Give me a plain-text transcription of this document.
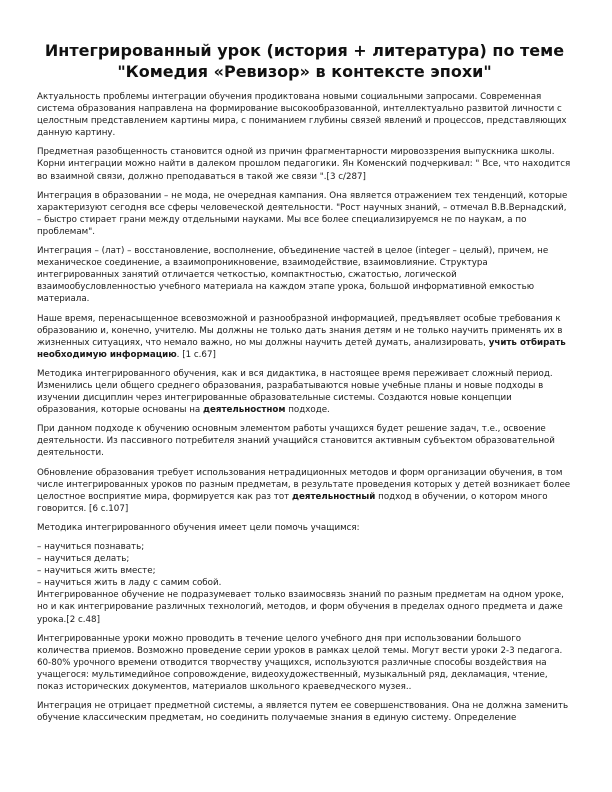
Интегрированный урок (история + литература) по теме
"Комедия «Ревизор» в контексте эпохи"

Актуальность проблемы интеграции обучения продиктована новыми социальными запросами. Современная система образования направлена на формирование высокообразованной, интеллектуально развитой личности с целостным представлением картины мира, с пониманием глубины связей явлений и процессов, представляющих данную картину.

Предметная разобщенность становится одной из причин фрагментарности мировоззрения выпускника школы. Корни интеграции можно найти в далеком прошлом педагогики. Ян Коменский подчеркивал: " Все, что находится во взаимной связи, должно преподаваться в такой же связи ".[3 с/287]

Интеграция в образовании – не мода, не очередная кампания. Она является отражением тех тенденций, которые характеризуют сегодня все сферы человеческой деятельности. "Рост научных знаний, – отмечал В.В.Вернадский, – быстро стирает грани между отдельными науками. Мы все более специализируемся не по наукам, а по проблемам".

Интеграция – (лат) – восстановление, восполнение, объединение частей в целое (integer – целый), причем, не механическое соединение, а взаимопроникновение, взаимодействие, взаимовлияние. Структура интегрированных занятий отличается четкостью, компактностью, сжатостью, логической взаимообусловленностью учебного материала на каждом этапе урока, большой информативной емкостью материала.

Наше время, перенасыщенное всевозможной и разнообразной информацией, предъявляет особые требования к образованию и, конечно, учителю. Мы должны не только дать знания детям и не только научить применять их в жизненных ситуациях, что немало важно, но мы должны научить детей думать, анализировать, учить отбирать необходимую информацию. [1 с.67]

Методика интегрированного обучения, как и вся дидактика, в настоящее время переживает сложный период. Изменились цели общего среднего образования, разрабатываются новые учебные планы и новые подходы в изучении дисциплин через интегрированные образовательные системы. Создаются новые концепции образования, которые основаны на деятельностном подходе.

При данном подходе к обучению основным элементом работы учащихся будет решение задач, т.е., освоение деятельности. Из пассивного потребителя знаний учащийся становится активным субъектом образовательной деятельности.

Обновление образования требует использования нетрадиционных методов и форм организации обучения, в том числе интегрированных уроков по разным предметам, в результате проведения которых у детей возникает более целостное восприятие мира, формируется как раз тот деятельностный подход в обучении, о котором много говорится. [6 с.107]

Методика интегрированного обучения имеет цели помочь учащимся:

– научиться познавать;
– научиться делать;
– научиться жить вместе;
– научиться жить в ладу с самим собой.

Интегрированное обучение не подразумевает только взаимосвязь знаний по разным предметам на одном уроке, но и как интегрирование различных технологий, методов, и форм обучения в пределах одного предмета и даже урока.[2 с.48]

Интегрированные уроки можно проводить в течение целого учебного дня при использовании большого количества приемов. Возможно проведение серии уроков в рамках целой темы. Могут вести уроки 2-3 педагога. 60-80% урочного времени отводится творчеству учащихся, используются различные способы воздействия на учащегося: мультимедийное сопровождение, видеохудожественный, музыкальный ряд, декламация, чтение, показ исторических документов, материалов школьного краеведческого музея..

Интеграция не отрицает предметной системы, а является путем ее совершенствования. Она не должна заменить обучение классическим предметам, но соединить получаемые знания в единую систему. Определение
